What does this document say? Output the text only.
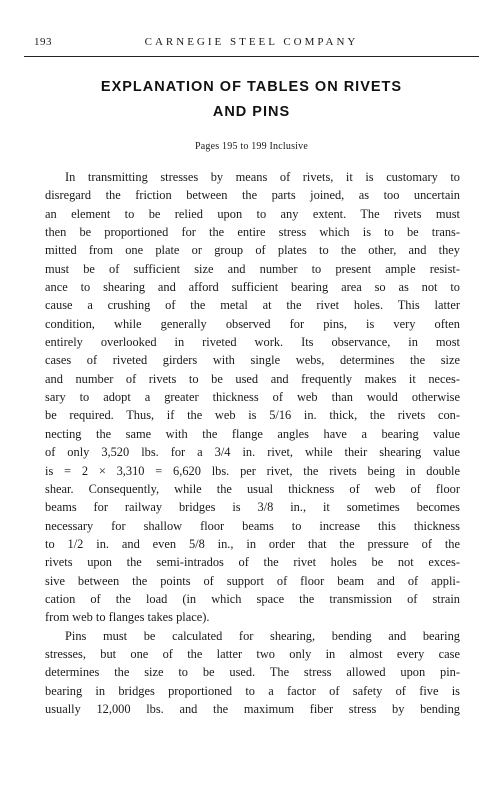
193	CARNEGIE STEEL COMPANY
EXPLANATION OF TABLES ON RIVETS
AND PINS
Pages 195 to 199 Inclusive
In transmitting stresses by means of rivets, it is customary to
disregard the friction between the parts joined, as too uncertain
an element to be relied upon to any extent. The rivets must
then be proportioned for the entire stress which is to be trans-
mitted from one plate or group of plates to the other, and they
must be of sufficient size and number to present ample resist-
ance to shearing and afford sufficient bearing area so as not to
cause a crushing of the metal at the rivet holes. This latter
condition, while generally observed for pins, is very often
entirely overlooked in riveted work. Its observance, in most
cases of riveted girders with single webs, determines the size
and number of rivets to be used and frequently makes it neces-
sary to adopt a greater thickness of web than would otherwise
be required. Thus, if the web is 5/16 in. thick, the rivets con-
necting the same with the flange angles have a bearing value
of only 3,520 lbs. for a 3/4 in. rivet, while their shearing value
is = 2 × 3,310 = 6,620 lbs. per rivet, the rivets being in double
shear. Consequently, while the usual thickness of web of floor
beams for railway bridges is 3/8 in., it sometimes becomes
necessary for shallow floor beams to increase this thickness
to 1/2 in. and even 5/8 in., in order that the pressure of the
rivets upon the semi-intrados of the rivet holes be not exces-
sive between the points of support of floor beam and of appli-
cation of the load (in which space the transmission of strain
from web to flanges takes place).
Pins must be calculated for shearing, bending and bearing
stresses, but one of the latter two only in almost every case
determines the size to be used. The stress allowed upon pin-
bearing in bridges proportioned to a factor of safety of five is
usually 12,000 lbs. and the maximum fiber stress by bending
